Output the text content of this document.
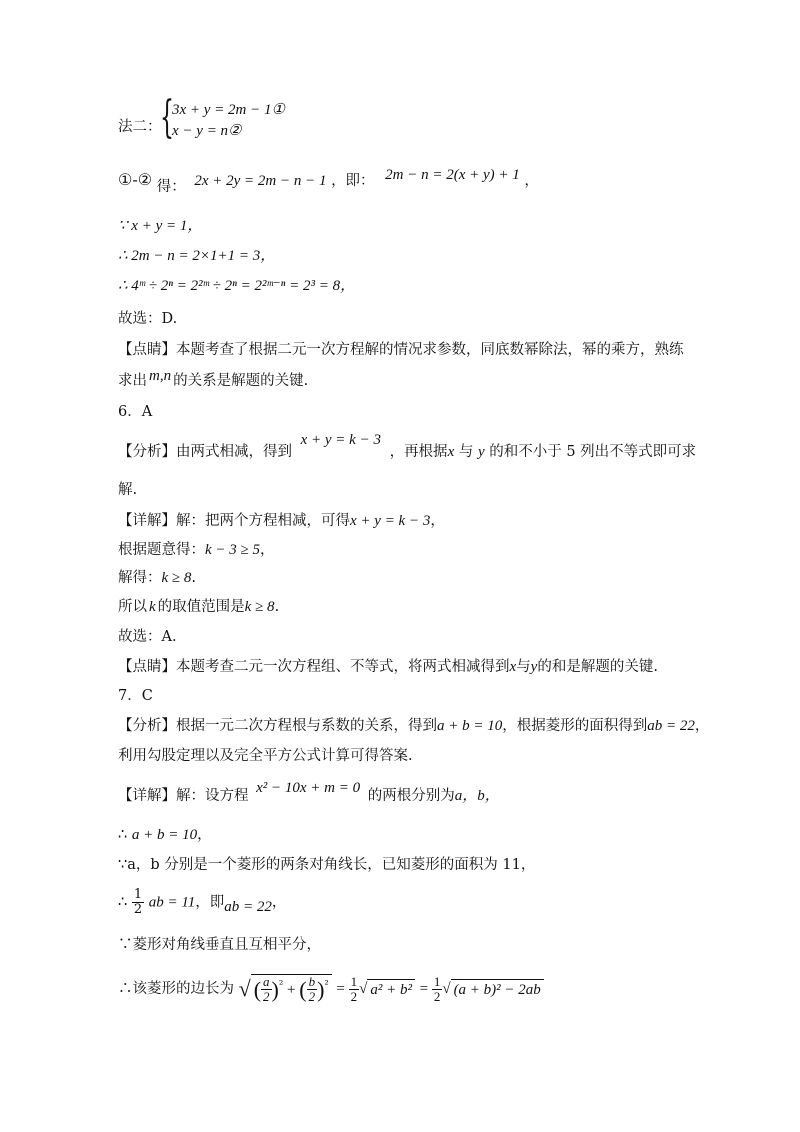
法二：
{
3x + y = 2m − 1①
x − y = n②
①-② 得： 2x + 2y = 2m − n − 1 ，即： 2m − n = 2(x + y) + 1 ，
∵ x + y = 1，
∴ 2m − n = 2×1+1 = 3，
∴ 4ᵐ ÷ 2ⁿ = 2²ᵐ ÷ 2ⁿ = 2²ᵐ⁻ⁿ = 2³ = 8，
故选：D.
【点睛】本题考查了根据二元一次方程解的情况求参数，同底数幂除法，幂的乘方，熟练
求出 m,n 的关系是解题的关键.
6．A
【分析】由两式相减，得到 x + y = k − 3 ，再根据x 与 y 的和不小于 5 列出不等式即可求
解.
【详解】解：把两个方程相减，可得x + y = k − 3，
根据题意得：k − 3 ≥ 5，
解得：k ≥ 8.
所以 k 的取值范围是k ≥ 8.
故选：A.
【点睛】本题考查二元一次方程组、不等式，将两式相减得到x与y的和是解题的关键.
7．C
【分析】根据一元二次方程根与系数的关系，得到a + b = 10，根据菱形的面积得到ab = 22，
利用勾股定理以及完全平方公式计算可得答案.
【详解】解：设方程 x² − 10x + m = 0 的两根分别为a，b，
∴ a + b = 10，
∵a，b 分别是一个菱形的两条对角线长，已知菱形的面积为 11，
∴ $\frac{1}{2}$ ab = 11，即ab = 22，
∵菱形对角线垂直且互相平分，
∴该菱形的边长为 √ ( $\frac{a}{2} )^{^2}$ + ( $\frac{b}{2} )^{^2} = \frac{1}{2}$ √ $a^2 + b^2 = \frac{1}{2}$ √ (a + b)² − 2ab
